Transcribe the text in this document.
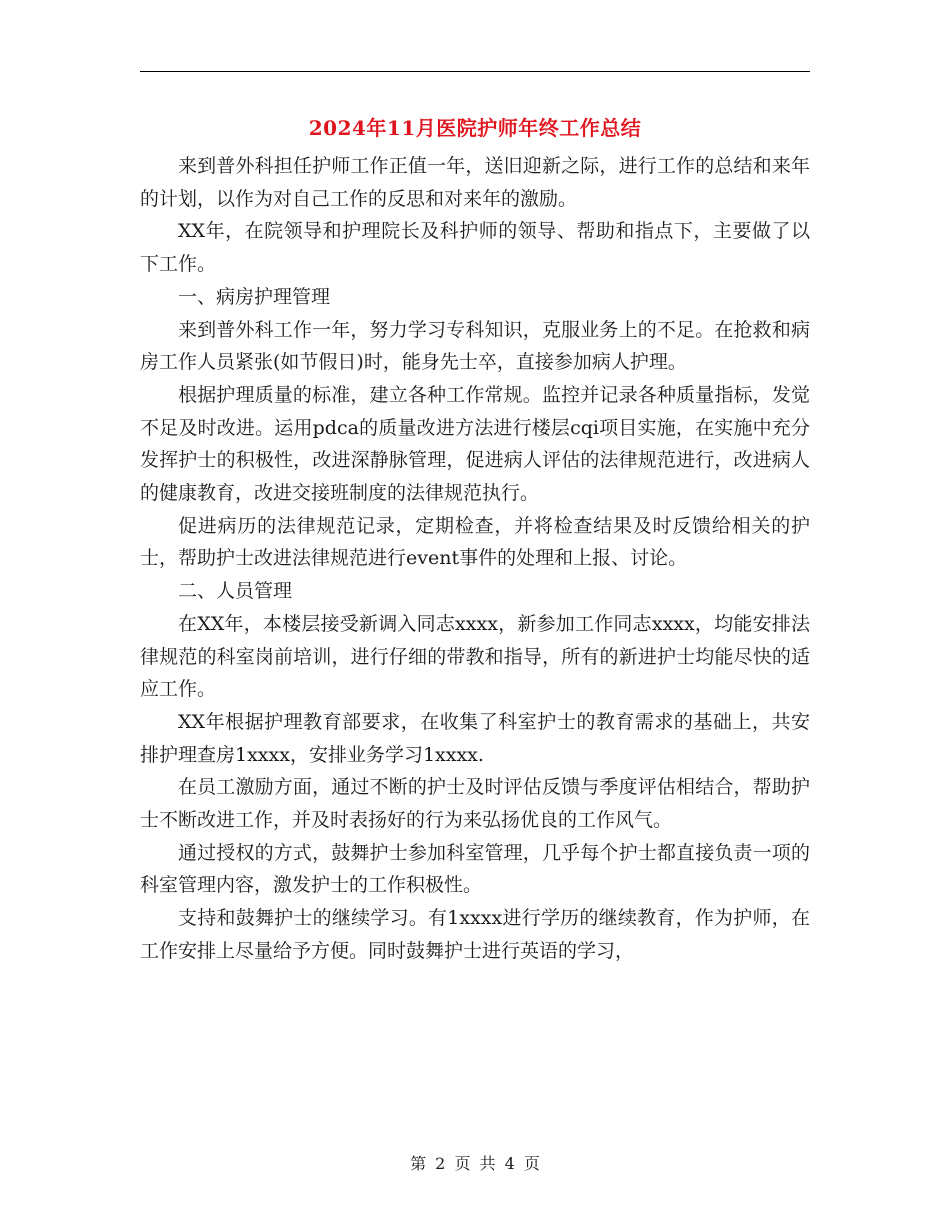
2024年11月医院护师年终工作总结

来到普外科担任护师工作正值一年，送旧迎新之际，进行工作的总结和来年的计划，以作为对自己工作的反思和对来年的激励。

XX年，在院领导和护理院长及科护师的领导、帮助和指点下，主要做了以下工作。

一、病房护理管理

来到普外科工作一年，努力学习专科知识，克服业务上的不足。在抢救和病房工作人员紧张(如节假日)时，能身先士卒，直接参加病人护理。

根据护理质量的标准，建立各种工作常规。监控并记录各种质量指标，发觉不足及时改进。运用pdca的质量改进方法进行楼层cqi项目实施，在实施中充分发挥护士的积极性，改进深静脉管理，促进病人评估的法律规范进行，改进病人的健康教育，改进交接班制度的法律规范执行。

促进病历的法律规范记录，定期检查，并将检查结果及时反馈给相关的护士，帮助护士改进法律规范进行event事件的处理和上报、讨论。

二、人员管理

在XX年，本楼层接受新调入同志xxxx，新参加工作同志xxxx，均能安排法律规范的科室岗前培训，进行仔细的带教和指导，所有的新进护士均能尽快的适应工作。

XX年根据护理教育部要求，在收集了科室护士的教育需求的基础上，共安排护理查房1xxxx，安排业务学习1xxxx.

在员工激励方面，通过不断的护士及时评估反馈与季度评估相结合，帮助护士不断改进工作，并及时表扬好的行为来弘扬优良的工作风气。

通过授权的方式，鼓舞护士参加科室管理，几乎每个护士都直接负责一项的科室管理内容，激发护士的工作积极性。

支持和鼓舞护士的继续学习。有1xxxx进行学历的继续教育，作为护师，在工作安排上尽量给予方便。同时鼓舞护士进行英语的学习，

第 2 页 共 4 页
